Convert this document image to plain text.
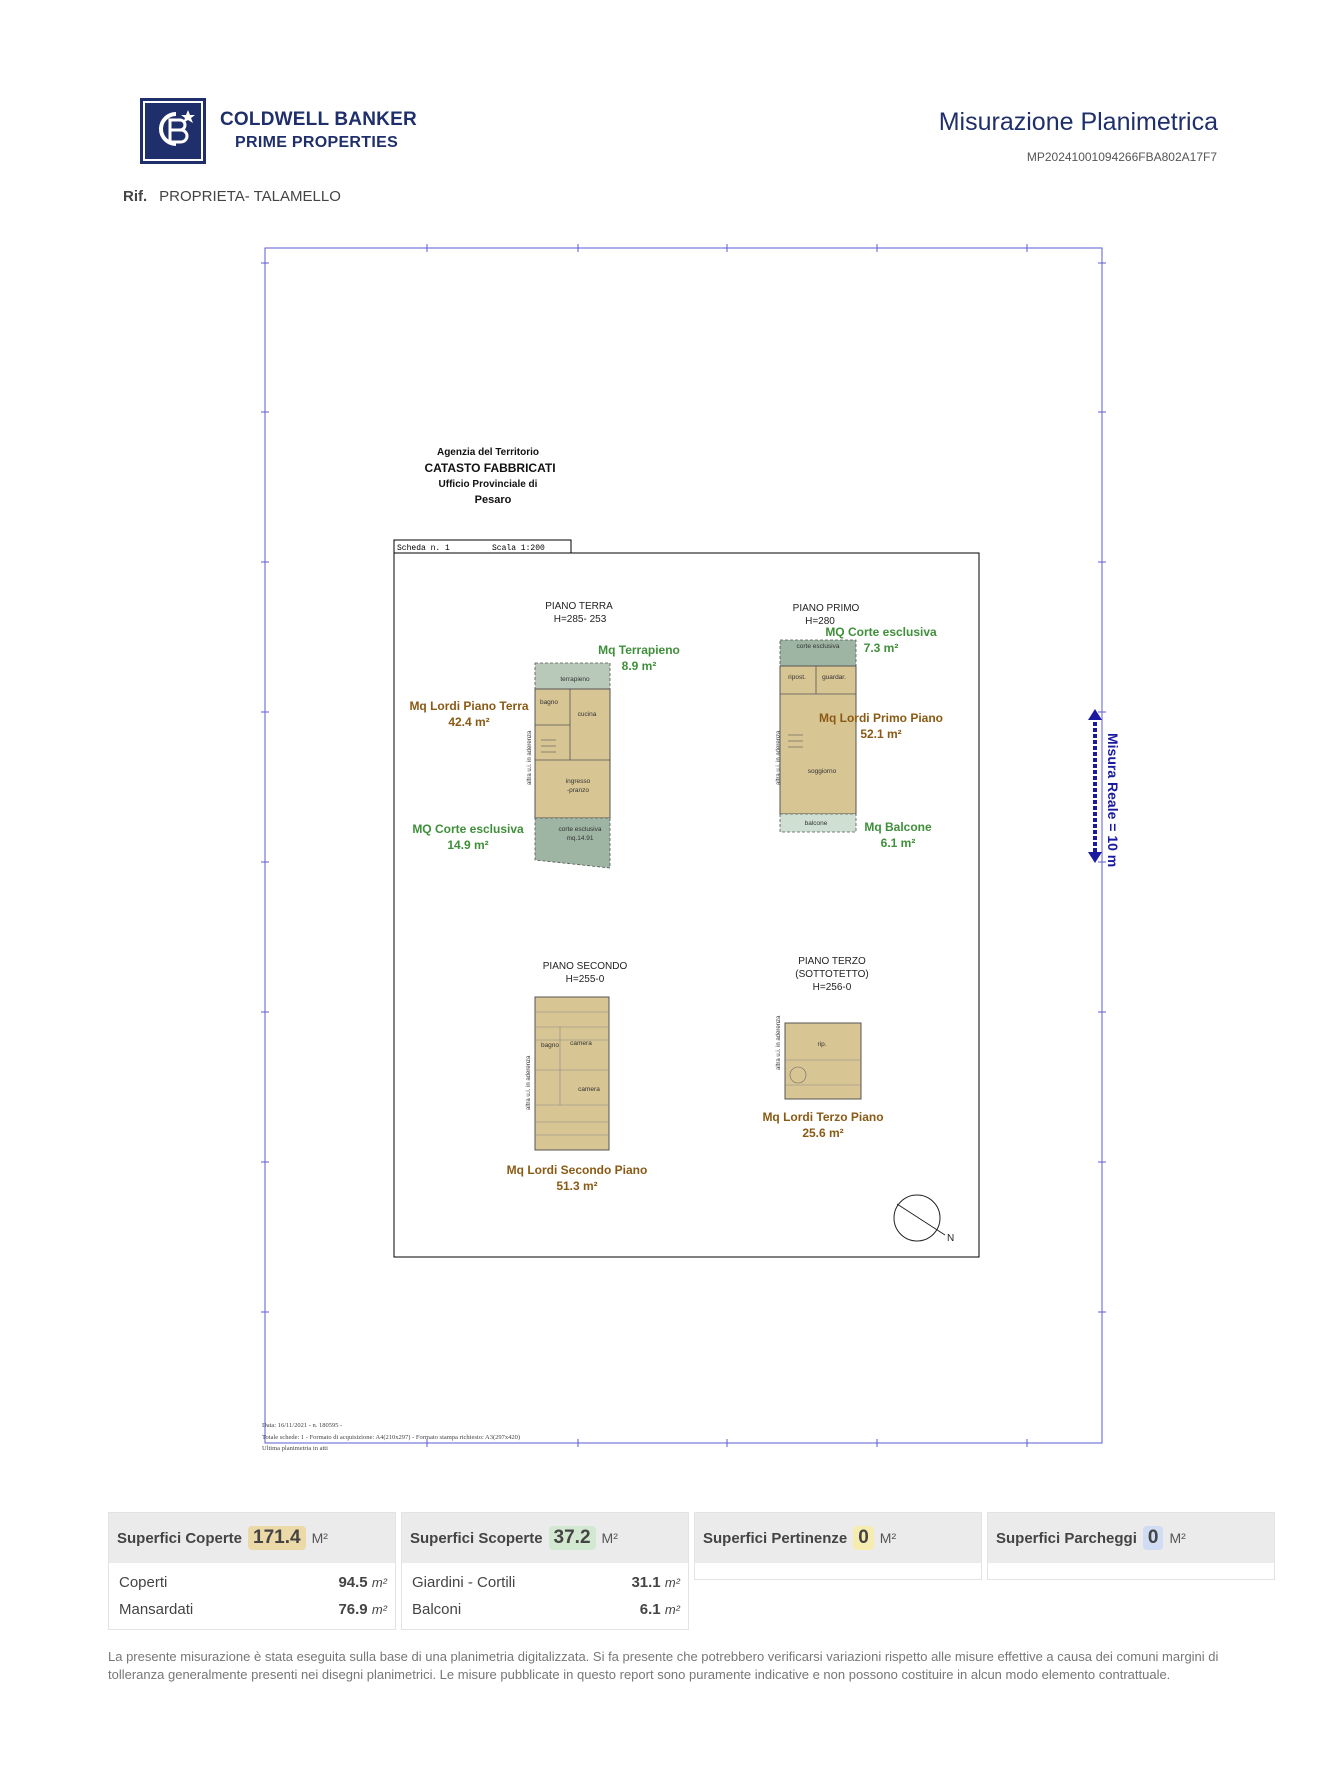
COLDWELL BANKER
PRIME PROPERTIES
Misurazione Planimetrica
MP20241001094266FBA802A17F7
Rif. PROPRIETA- TALAMELLO
Agenzia del Territorio
CATASTO FABBRICATI
Ufficio Provinciale di
Pesaro
Scheda n. 1	Scala 1:200
PIANO TERRA
H=285- 253
PIANO PRIMO
H=280
PIANO SECONDO
H=255-0
PIANO TERZO
(SOTTOTETTO)
H=256-0
terrapieno
bagno
cucina
ingresso
-pranzo
corte esclusiva
mq.14.91
altra u.i. in aderenza
corte esclusiva
ripost. guardar.
soggiorno
balcone
altra u.i. in aderenza
bagno camera
camera
altra u.i. in aderenza
rip.
altra u.i. in aderenza
Mq Terrapieno
8.9 m²
Mq Lordi Piano Terra
42.4 m²
MQ Corte esclusiva
14.9 m²
MQ Corte esclusiva
7.3 m²
Mq Lordi Primo Piano
52.1 m²
Mq Balcone
6.1 m²
Mq Lordi Secondo Piano
51.3 m²
Mq Lordi Terzo Piano
25.6 m²
N
Misura Reale = 10 m
Data: 16/11/2021 - n. 180595 -
Totale schede: 1 - Formato di acquisizione: A4(210x297) - Formato stampa richiesto: A3(297x420)
Ultima planimetria in atti
Superfici Coperte 171.4 M²
Coperti	94.5 m²
Mansardati	76.9 m²
Superfici Scoperte 37.2 M²
Giardini - Cortili	31.1 m²
Balconi	6.1 m²
Superfici Pertinenze 0 M²	Superfici Parcheggi 0 M²
La presente misurazione è stata eseguita sulla base di una planimetria digitalizzata. Si fa presente che potrebbero verificarsi variazioni rispetto alle misure effettive a causa dei comuni margini di tolleranza generalmente presenti nei disegni planimetrici. Le misure pubblicate in questo report sono puramente indicative e non possono costituire in alcun modo elemento contrattuale.
